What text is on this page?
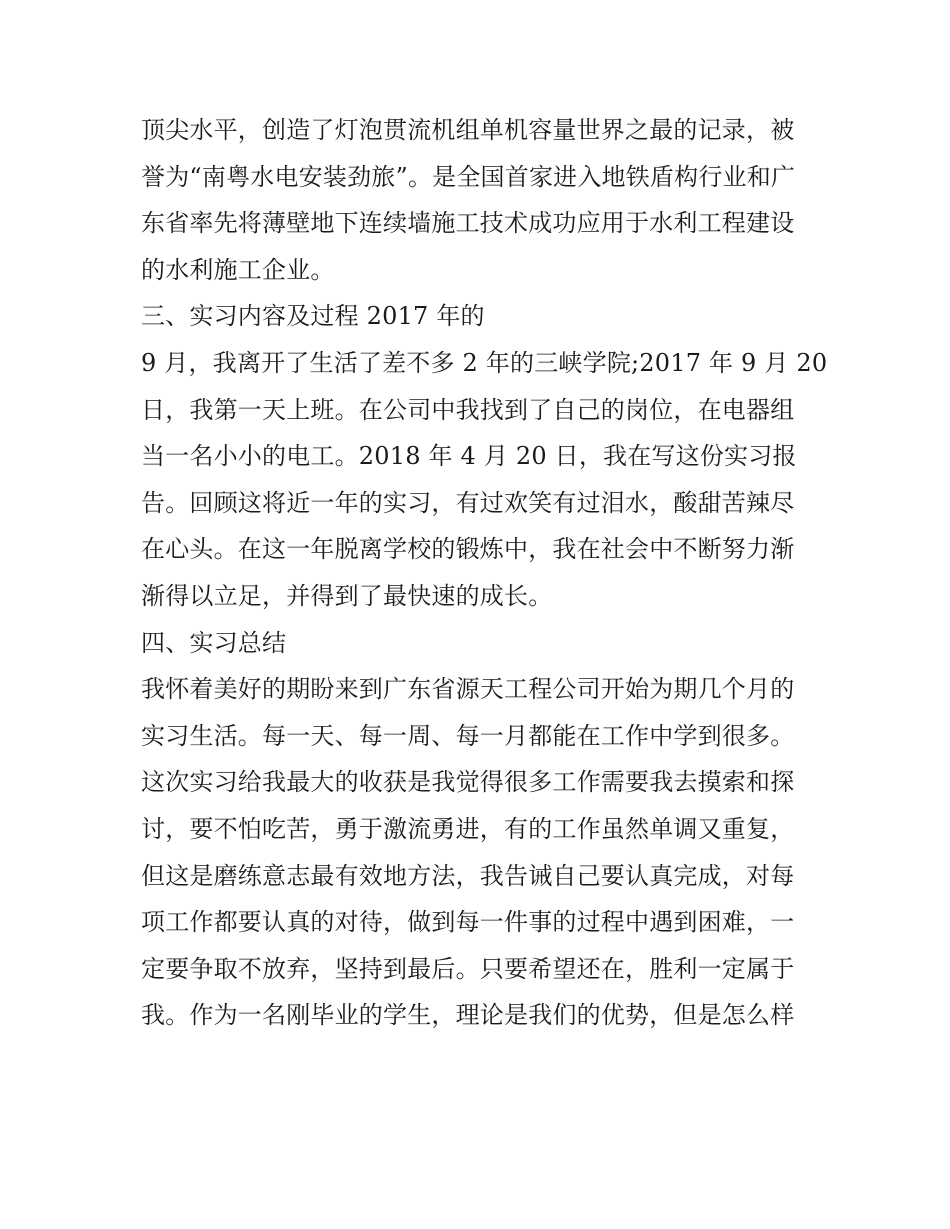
顶尖水平，创造了灯泡贯流机组单机容量世界之最的记录，被
誉为“南粤水电安装劲旅”。是全国首家进入地铁盾构行业和广
东省率先将薄壁地下连续墙施工技术成功应用于水利工程建设
的水利施工企业。
三、实习内容及过程 2017 年的
9 月，我离开了生活了差不多 2 年的三峡学院;2017 年 9 月 20
日，我第一天上班。在公司中我找到了自己的岗位，在电器组
当一名小小的电工。2018 年 4 月 20 日，我在写这份实习报
告。回顾这将近一年的实习，有过欢笑有过泪水，酸甜苦辣尽
在心头。在这一年脱离学校的锻炼中，我在社会中不断努力渐
渐得以立足，并得到了最快速的成长。
四、实习总结
我怀着美好的期盼来到广东省源天工程公司开始为期几个月的
实习生活。每一天、每一周、每一月都能在工作中学到很多。
这次实习给我最大的收获是我觉得很多工作需要我去摸索和探
讨，要不怕吃苦，勇于激流勇进，有的工作虽然单调又重复，
但这是磨练意志最有效地方法，我告诫自己要认真完成，对每
项工作都要认真的对待，做到每一件事的过程中遇到困难，一
定要争取不放弃，坚持到最后。只要希望还在，胜利一定属于
我。作为一名刚毕业的学生，理论是我们的优势，但是怎么样
